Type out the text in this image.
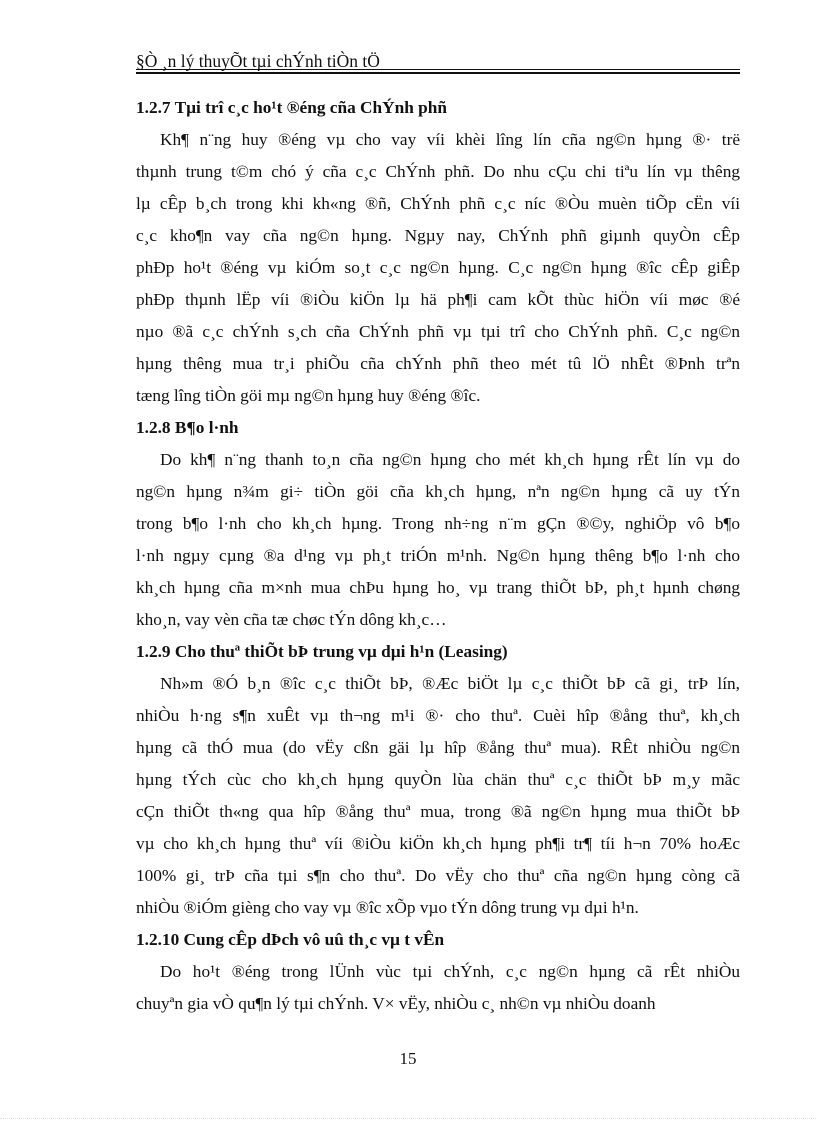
§Ò ¸n lý thuyÕt tµi chÝnh tiÒn tÖ
1.2.7 Tµi trî c¸c ho¹t ®éng cña ChÝnh phñ
Kh¶ n¨ng huy ®éng vµ cho vay víi khèi lîng lín cña ng©n hµng ®· trë
thµnh trung t©m chó ý cña c¸c ChÝnh phñ. Do nhu cÇu chi tiªu lín vµ thêng
lµ cÊp b¸ch trong khi kh«ng ®ñ, ChÝnh phñ c¸c níc ®Òu muèn tiÕp cËn víi
c¸c kho¶n vay cña ng©n hµng. Ngµy nay, ChÝnh phñ giµnh quyÒn cÊp
phÐp ho¹t ®éng vµ kiÓm so¸t c¸c ng©n hµng. C¸c ng©n hµng ®îc cÊp giÊp
phÐp thµnh lËp víi ®iÒu kiÖn lµ hä ph¶i cam kÕt thùc hiÖn víi møc ®é
nµo ®ã c¸c chÝnh s¸ch cña ChÝnh phñ vµ tµi trî cho ChÝnh phñ. C¸c ng©n
hµng thêng mua tr¸i phiÕu cña chÝnh phñ theo mét tû lÖ nhÊt ®Þnh trªn
tæng lîng tiÒn göi mµ ng©n hµng huy ®éng ®îc.
1.2.8 B¶o l·nh
Do kh¶ n¨ng thanh to¸n cña ng©n hµng cho mét kh¸ch hµng rÊt lín vµ do
ng©n hµng n¾m gi÷ tiÒn göi cña kh¸ch hµng, nªn ng©n hµng cã uy tÝn
trong b¶o l·nh cho kh¸ch hµng. Trong nh÷ng n¨m gÇn ®©y, nghiÖp vô b¶o
l·nh ngµy cµng ®a d¹ng vµ ph¸t triÓn m¹nh. Ng©n hµng thêng b¶o l·nh cho
kh¸ch hµng cña m×nh mua chÞu hµng ho¸ vµ trang thiÕt bÞ, ph¸t hµnh chøng
kho¸n, vay vèn cña tæ chøc tÝn dông kh¸c…
1.2.9 Cho thuª thiÕt bÞ trung vµ dµi h¹n (Leasing)
Nh»m ®Ó b¸n ®îc c¸c thiÕt bÞ, ®Æc biÖt lµ c¸c thiÕt bÞ cã gi¸ trÞ lín,
nhiÒu h·ng s¶n xuÊt vµ th¬ng m¹i ®· cho thuª. Cuèi hîp ®ång thuª, kh¸ch
hµng cã thÓ mua (do vËy cßn gäi lµ hîp ®ång thuª mua). RÊt nhiÒu ng©n
hµng tÝch cùc cho kh¸ch hµng quyÒn lùa chän thuª c¸c thiÕt bÞ m¸y mãc
cÇn thiÕt th«ng qua hîp ®ång thuª mua, trong ®ã ng©n hµng mua thiÕt bÞ
vµ cho kh¸ch hµng thuª víi ®iÒu kiÖn kh¸ch hµng ph¶i tr¶ tíi h¬n 70% hoÆc
100% gi¸ trÞ cña tµi s¶n cho thuª. Do vËy cho thuª cña ng©n hµng còng cã
nhiÒu ®iÓm gièng cho vay vµ ®îc xÕp vµo tÝn dông trung vµ dµi h¹n.
1.2.10 Cung cÊp dÞch vô uû th¸c vµ t vÊn
Do ho¹t ®éng trong lÜnh vùc tµi chÝnh, c¸c ng©n hµng cã rÊt nhiÒu
chuyªn gia vÒ qu¶n lý tµi chÝnh. V× vËy, nhiÒu c¸ nh©n vµ nhiÒu doanh
15
